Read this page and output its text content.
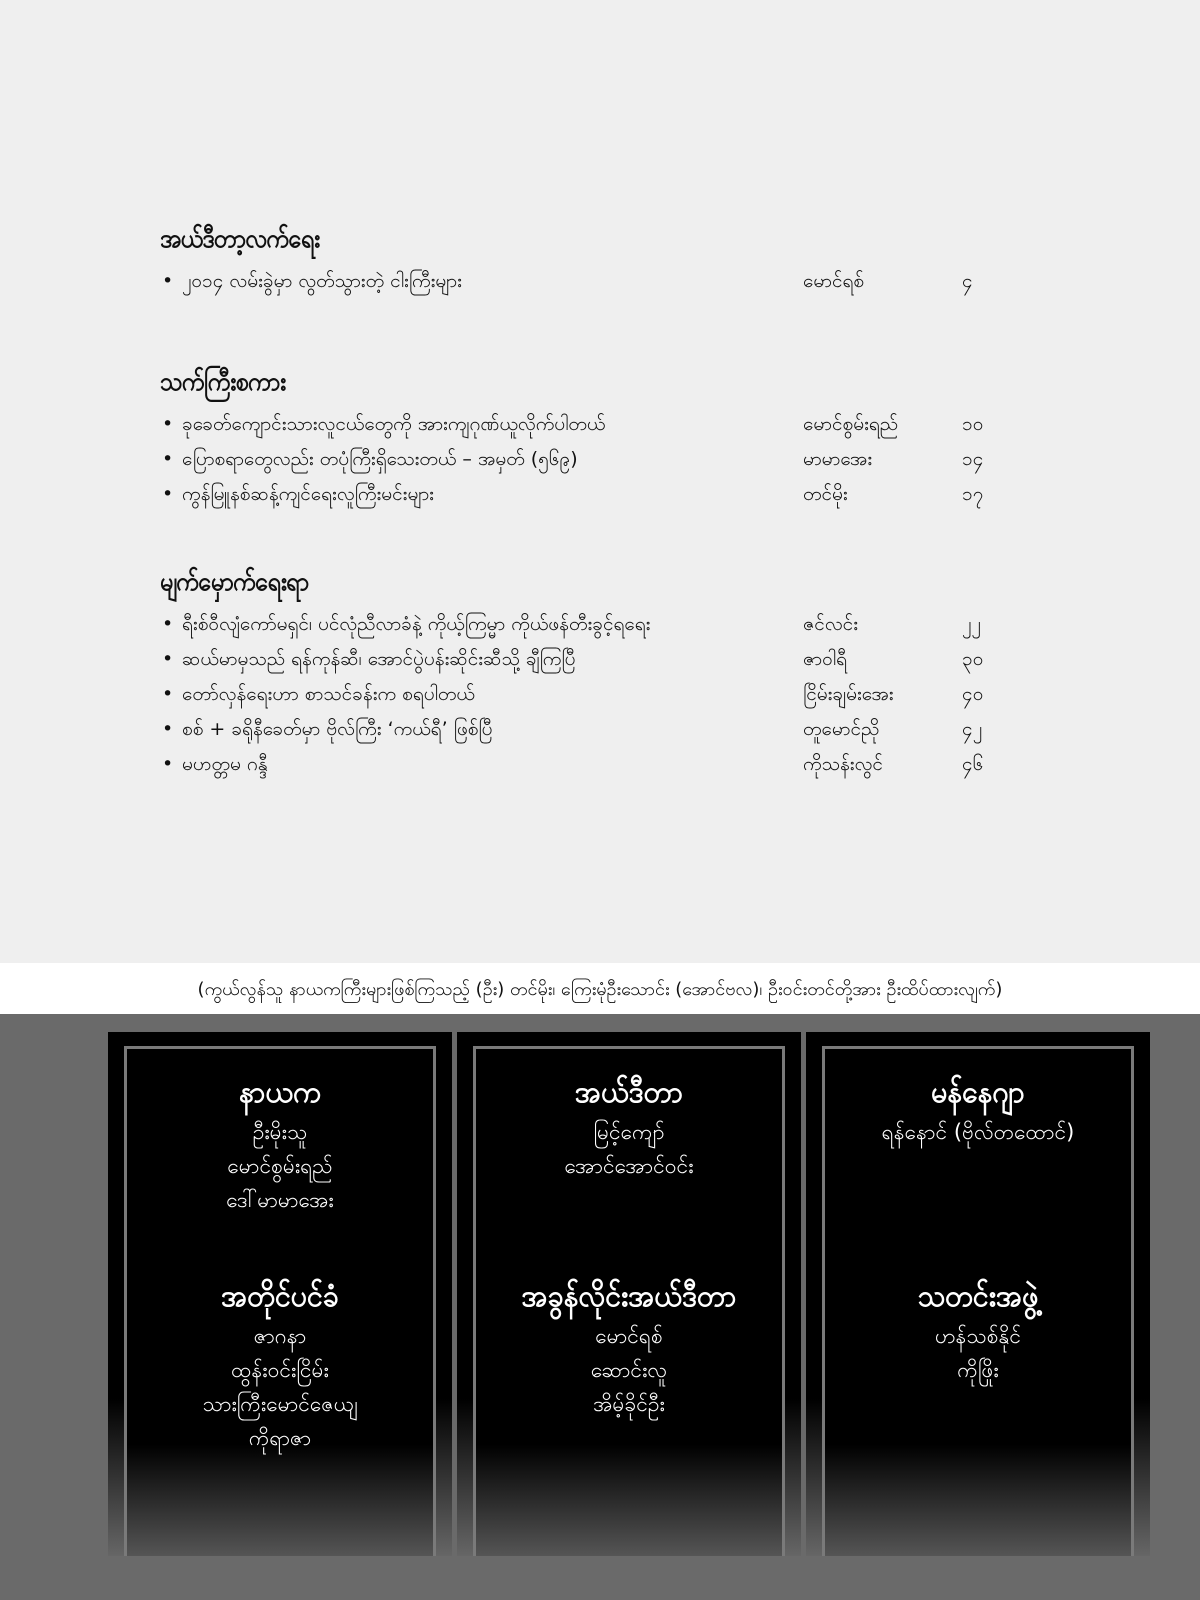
အယ်ဒီတာ့လက်ရေး
• ၂၀၁၄ လမ်းခွဲမှာ လွတ်သွားတဲ့ ငါးကြီးများ	မောင်ရစ်	၄
သက်ကြီးစကား
• ခုခေတ်ကျောင်းသားလူငယ်တွေကို အားကျဂုဏ်ယူလိုက်ပါတယ်	မောင်စွမ်းရည်	၁၀
• ပြောစရာတွေလည်း တပုံကြီးရှိသေးတယ် – အမှတ် (၅၆၉)	မာမာအေး	၁၄
• ကွန်မြူနစ်ဆန့်ကျင်ရေးလူကြီးမင်းများ	တင်မိုး	၁၇
မျက်မှောက်ရေးရာ
• ရီးစ်ဝီလျံကော်မရှင်၊ ပင်လုံညီလာခံနဲ့ ကိုယ့်ကြမ္မာ ကိုယ်ဖန်တီးခွင့်ရရေး	ဇင်လင်း	၂၂
• ဆယ်မာမှသည် ရန်ကုန်ဆီ၊ အောင်ပွဲပန်းဆိုင်းဆီသို့ ချီကြပြီ	ဇာဝါရီ	၃၀
• တော်လှန်ရေးဟာ စာသင်ခန်းက စရပါတယ်	ငြိမ်းချမ်းအေး	၄၀
• စစ် + ခရိုနီခေတ်မှာ ဗိုလ်ကြီး ‘ကယ်ရီ’ ဖြစ်ပြီ	တူမောင်ညို	၄၂
• မဟတ္တမ ဂန္ဒီ	ကိုသန်းလွင်	၄၆
(ကွယ်လွန်သူ နာယကကြီးများဖြစ်ကြသည့် (ဦး) တင်မိုး၊ ကြေးမုံဦးသောင်း (အောင်ဗလ)၊ ဦးဝင်းတင်တို့အား ဦးထိပ်ထားလျက်)
နာယက
ဦးမိုးသူ
မောင်စွမ်းရည်
ဒေါ်မာမာအေး
အတိုင်ပင်ခံ
ဇာဂနာ
ထွန်းဝင်းငြိမ်း
သားကြီးမောင်ဇေယျ
ကိုရာဇာ
အယ်ဒီတာ
မြင့်ကျော်
အောင်အောင်ဝင်း
အခွန်လိုင်းအယ်ဒီတာ
မောင်ရစ်
ဆောင်းလူ
အိမ့်ခိုင်ဦး
မန်နေဂျာ
ရန်နောင် (ဗိုလ်တထောင်)
သတင်းအဖွဲ့
ဟန်သစ်နိုင်
ကိုဖြိုး
